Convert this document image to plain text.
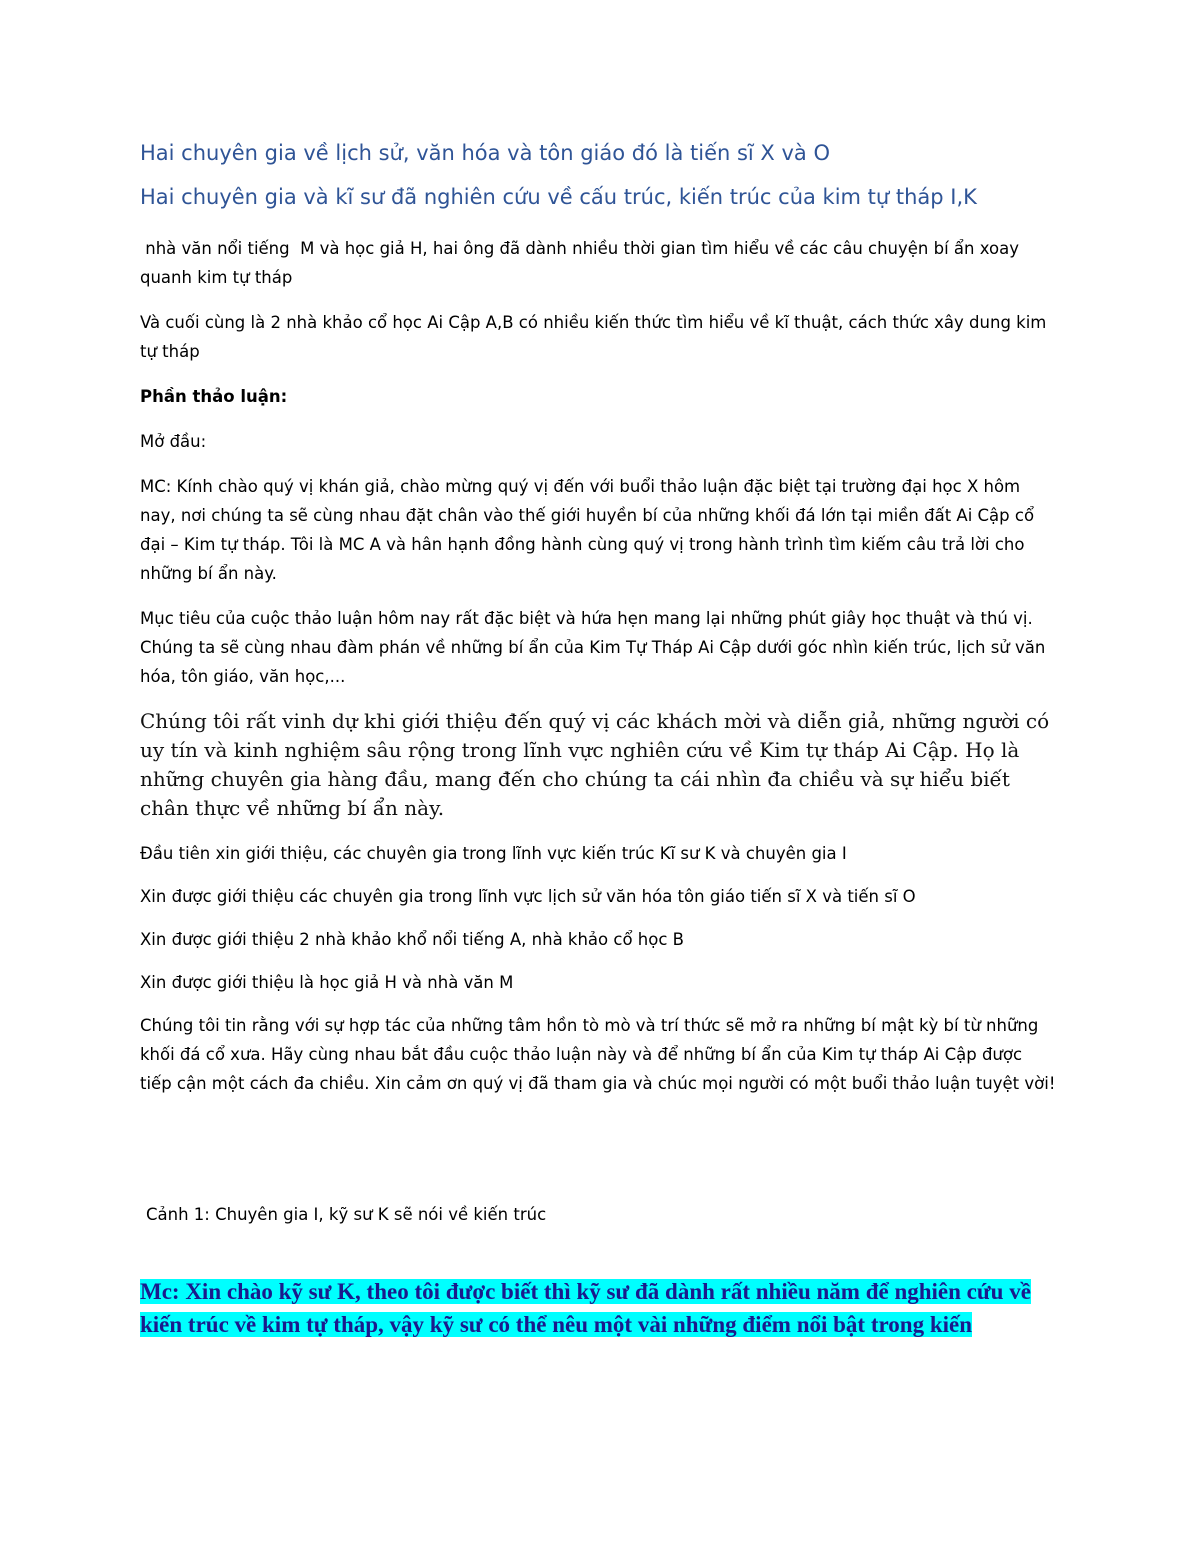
Hai chuyên gia về lịch sử, văn hóa và tôn giáo đó là tiến sĩ X và O

Hai chuyên gia và kĩ sư đã nghiên cứu về cấu trúc, kiến trúc của kim tự tháp I,K

nhà văn nổi tiếng  M và học giả H, hai ông đã dành nhiều thời gian tìm hiểu về các câu chuyện bí ẩn xoay quanh kim tự tháp

Và cuối cùng là 2 nhà khảo cổ học Ai Cập A,B có nhiều kiến thức tìm hiểu về kĩ thuật, cách thức xây dung kim tự tháp

Phần thảo luận:

Mở đầu:

MC: Kính chào quý vị khán giả, chào mừng quý vị đến với buổi thảo luận đặc biệt tại trường đại học X hôm nay, nơi chúng ta sẽ cùng nhau đặt chân vào thế giới huyền bí của những khối đá lớn tại miền đất Ai Cập cổ đại – Kim tự tháp. Tôi là MC A và hân hạnh đồng hành cùng quý vị trong hành trình tìm kiếm câu trả lời cho những bí ẩn này.

Mục tiêu của cuộc thảo luận hôm nay rất đặc biệt và hứa hẹn mang lại những phút giây học thuật và thú vị. Chúng ta sẽ cùng nhau đàm phán về những bí ẩn của Kim Tự Tháp Ai Cập dưới góc nhìn kiến trúc, lịch sử văn hóa, tôn giáo, văn học,...

Chúng tôi rất vinh dự khi giới thiệu đến quý vị các khách mời và diễn giả, những người có uy tín và kinh nghiệm sâu rộng trong lĩnh vực nghiên cứu về Kim tự tháp Ai Cập. Họ là những chuyên gia hàng đầu, mang đến cho chúng ta cái nhìn đa chiều và sự hiểu biết chân thực về những bí ẩn này.

Đầu tiên xin giới thiệu, các chuyên gia trong lĩnh vực kiến trúc Kĩ sư K và chuyên gia I

Xin được giới thiệu các chuyên gia trong lĩnh vực lịch sử văn hóa tôn giáo tiến sĩ X và tiến sĩ O

Xin được giới thiệu 2 nhà khảo khổ nổi tiếng A, nhà khảo cổ học B

Xin được giới thiệu là học giả H và nhà văn M

Chúng tôi tin rằng với sự hợp tác của những tâm hồn tò mò và trí thức sẽ mở ra những bí mật kỳ bí từ những khối đá cổ xưa. Hãy cùng nhau bắt đầu cuộc thảo luận này và để những bí ẩn của Kim tự tháp Ai Cập được tiếp cận một cách đa chiều. Xin cảm ơn quý vị đã tham gia và chúc mọi người có một buổi thảo luận tuyệt vời!

Cảnh 1: Chuyên gia I, kỹ sư K sẽ nói về kiến trúc

Mc: Xin chào kỹ sư K, theo tôi được biết thì kỹ sư đã dành rất nhiều năm để nghiên cứu về kiến trúc về kim tự tháp, vậy kỹ sư có thể nêu một vài những điểm nổi bật trong kiến
